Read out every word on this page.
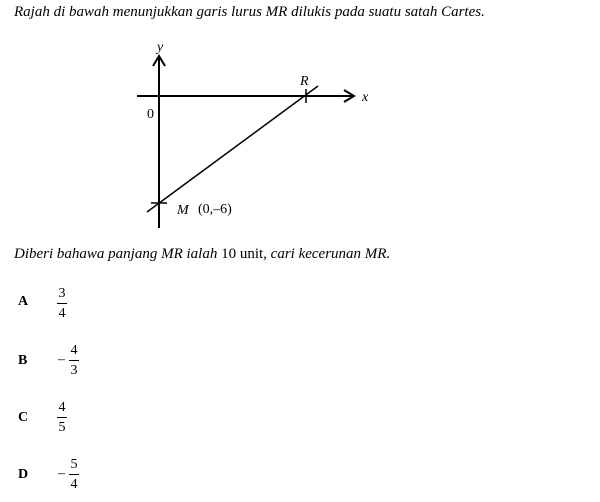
Rajah di bawah menunjukkan garis lurus MR dilukis pada suatu satah Cartes.
y
x
0
R
M (0,–6)
Diberi bahawa panjang MR ialah 10 unit, cari kecerunan MR.
A
3
4
B –
4
3
C
4
5
D –
5
4
